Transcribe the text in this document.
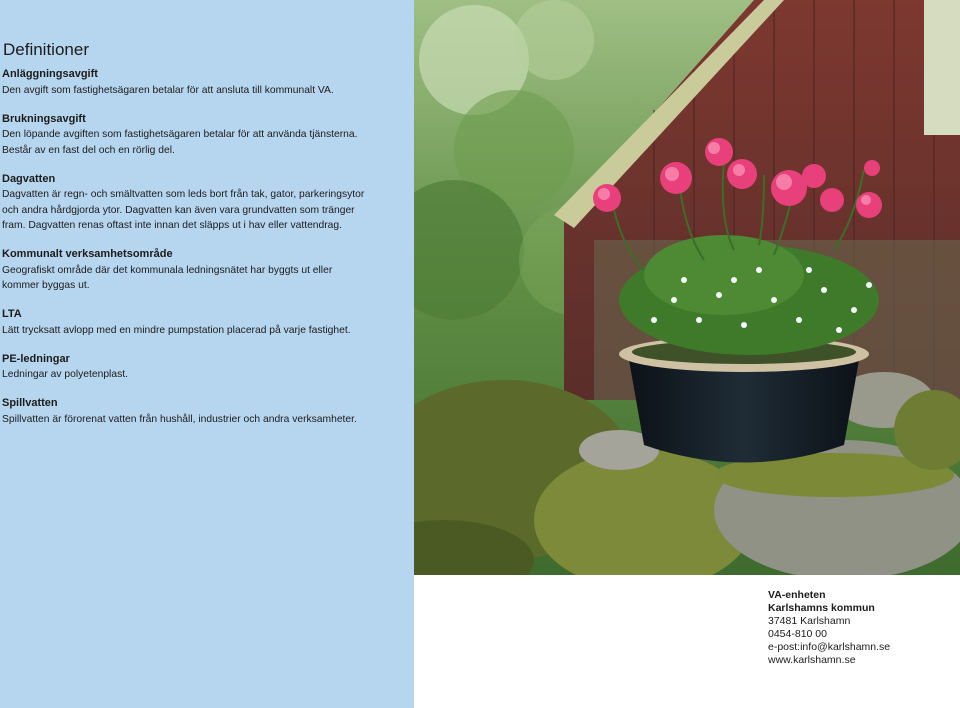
Definitioner
Anläggningsavgift
Den avgift som fastighetsägaren betalar för att ansluta till kommunalt VA.
Brukningsavgift
Den löpande avgiften som fastighetsägaren betalar för att använda tjänsterna. Består av en fast del och en rörlig del.
Dagvatten
Dagvatten är regn- och smältvatten som leds bort från tak, gator, parkeringsytor och andra hårdgjorda ytor. Dagvatten kan även vara grundvatten som tränger fram. Dagvatten renas oftast inte innan det släpps ut i hav eller vattendrag.
Kommunalt verksamhetsområde
Geografiskt område där det kommunala ledningsnätet har byggts ut eller kommer byggas ut.
LTA
Lätt trycksatt avlopp med en mindre pumpstation placerad på varje fastighet.
PE-ledningar
Ledningar av polyetenplast.
Spillvatten
Spillvatten är förorenat vatten från hushåll, industrier och andra verksamheter.
VA-enheten
Karlshamns kommun
37481 Karlshamn
0454-810 00
e-post:info@karlshamn.se
www.karlshamn.se
